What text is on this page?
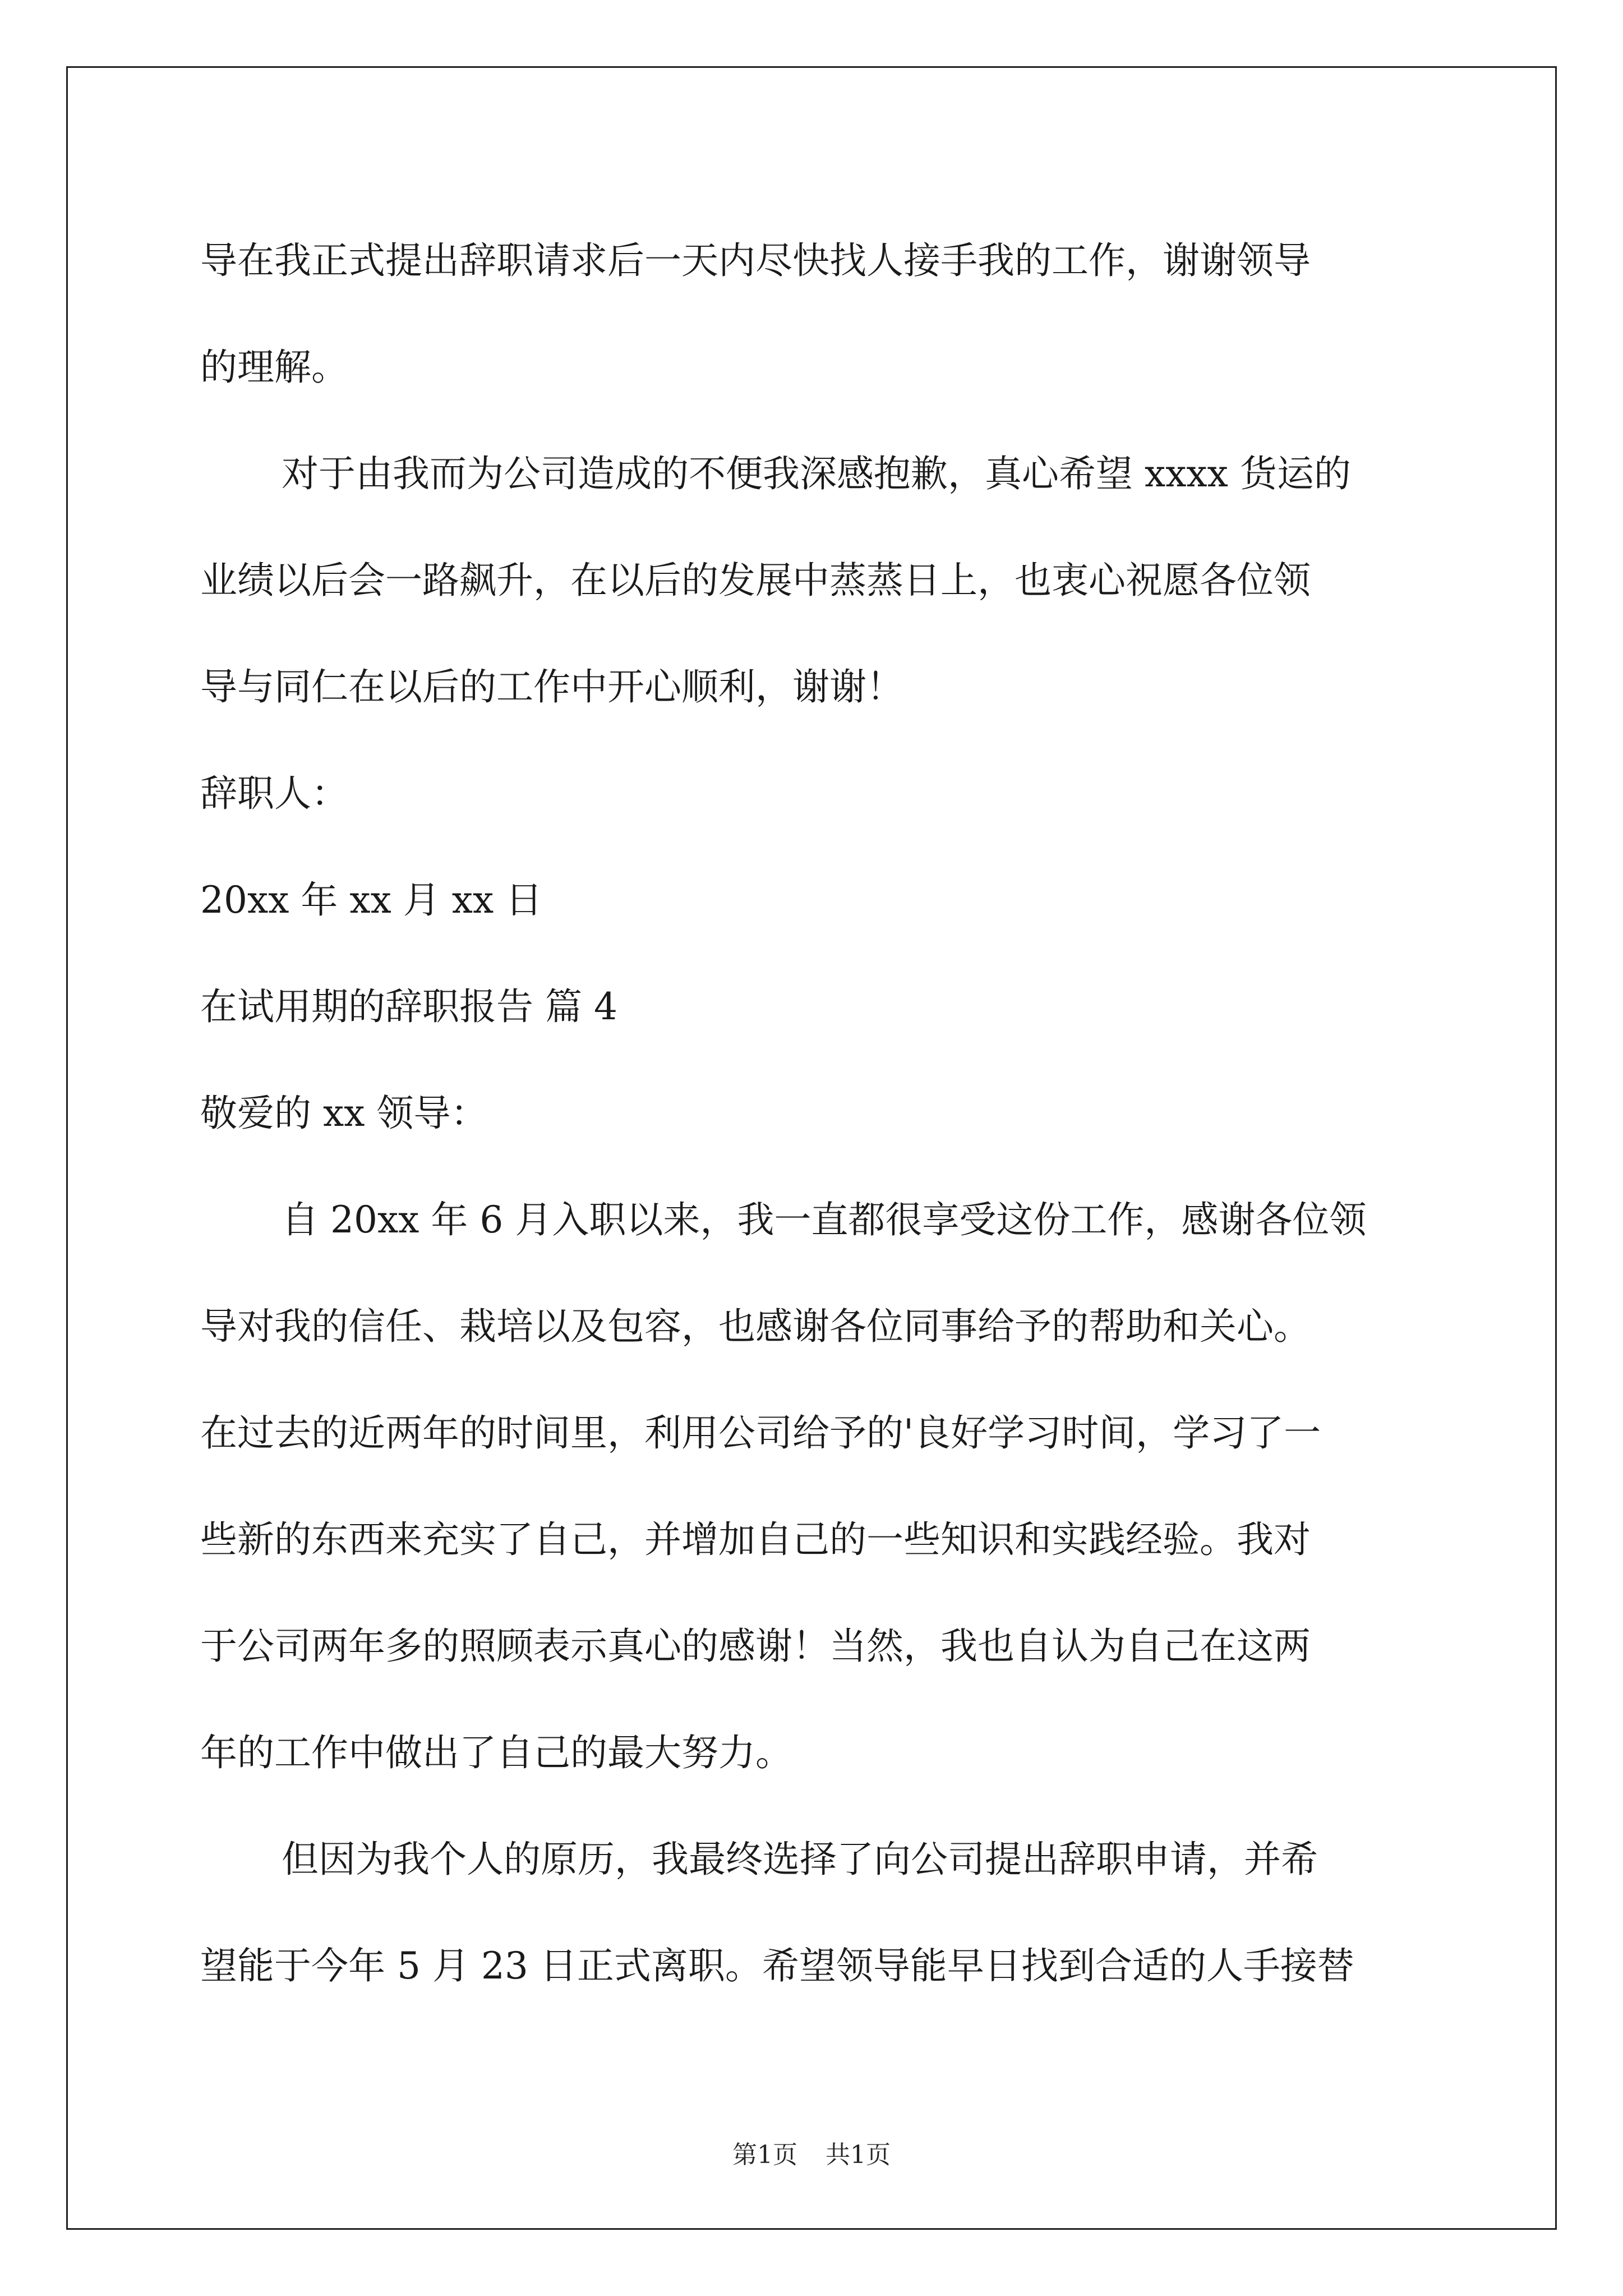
导在我正式提出辞职请求后一天内尽快找人接手我的工作，谢谢领导
的理解。
对于由我而为公司造成的不便我深感抱歉，真心希望 xxxx 货运的
业绩以后会一路飙升，在以后的发展中蒸蒸日上，也衷心祝愿各位领
导与同仁在以后的工作中开心顺利，谢谢！
辞职人：
20xx 年 xx 月 xx 日
在试用期的辞职报告 篇 4
敬爱的 xx 领导：
自 20xx 年 6 月入职以来，我一直都很享受这份工作，感谢各位领
导对我的信任、栽培以及包容，也感谢各位同事给予的帮助和关心。
在过去的近两年的时间里，利用公司给予的'良好学习时间，学习了一
些新的东西来充实了自己，并增加自己的一些知识和实践经验。我对
于公司两年多的照顾表示真心的感谢！当然，我也自认为自己在这两
年的工作中做出了自己的最大努力。
但因为我个人的原历，我最终选择了向公司提出辞职申请，并希
望能于今年 5 月 23 日正式离职。希望领导能早日找到合适的人手接替
第1页 共1页
